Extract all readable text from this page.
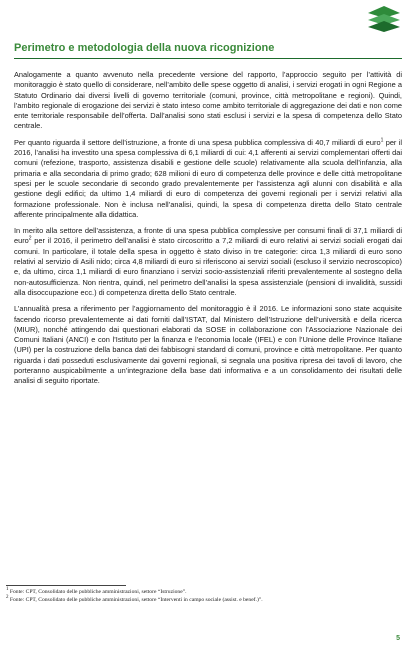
Perimetro e metodologia della nuova ricognizione

Analogamente a quanto avvenuto nella precedente versione del rapporto, l’approccio seguito per l’attività di monitoraggio è stato quello di considerare, nell’ambito delle spese oggetto di analisi, i servizi erogati in ogni Regione a Statuto Ordinario dai diversi livelli di governo territoriale (comuni, province, città metropolitane e regioni). Quindi, l’ambito regionale di erogazione dei servizi è stato inteso come ambito territoriale di aggregazione dei dati e non come ente territoriale responsabile dell’offerta. Dall’analisi sono stati esclusi i servizi e la spesa di competenza dello Stato centrale.

Per quanto riguarda il settore dell’istruzione, a fronte di una spesa pubblica complessiva di 40,7 miliardi di euro$^1$ per il 2016, l’analisi ha investito una spesa complessiva di 6,1 miliardi di cui: 4,1 afferenti ai servizi complementari offerti dai comuni (refezione, trasporto, assistenza disabili e gestione delle scuole) relativamente alla scuola dell’infanzia, alla primaria e alla secondaria di primo grado; 628 milioni di euro di competenza delle province e delle città metropolitane spesi per le scuole secondarie di secondo grado prevalentemente per l’assistenza agli alunni con disabilità e alla gestione degli edifici; da ultimo 1,4 miliardi di euro di competenza dei governi regionali per i servizi relativi alla formazione professionale. Non è inclusa nell’analisi, quindi, la spesa di competenza diretta dello Stato centrale afferente principalmente alla didattica.

In merito alla settore dell’assistenza, a fronte di una spesa pubblica complessive per consumi finali di 37,1 miliardi di euro$^2$ per il 2016, il perimetro dell’analisi è stato circoscritto a 7,2 miliardi di euro relativi ai servizi sociali erogati dai comuni. In particolare, il totale della spesa in oggetto è stato diviso in tre categorie: circa 1,3 miliardi di euro sono relativi al servizio di Asili nido; circa 4,8 miliardi di euro si riferiscono ai servizi sociali (escluso il servizio necroscopico) e, da ultimo, circa 1,1 miliardi di euro finanziano i servizi socio-assistenziali riferiti prevalentemente al sostegno della non-autosufficienza. Non rientra, quindi, nel perimetro dell’analisi la spesa assistenziale (pensioni di invalidità, sussidi alla disoccupazione ecc.) di competenza diretta dello Stato centrale.

L’annualità presa a riferimento per l’aggiornamento del monitoraggio è il 2016. Le informazioni sono state acquisite facendo ricorso prevalentemente ai dati forniti dall’ISTAT, dal Ministero dell’Istruzione dell’università e della ricerca (MIUR), nonché attingendo dai questionari elaborati da SOSE in collaborazione con l’Associazione Nazionale dei Comuni Italiani (ANCI) e con l’Istituto per la finanza e l’economia locale (IFEL) e con l’Unione delle Province Italiane (UPI) per la costruzione della banca dati dei fabbisogni standard di comuni, province e città metropolitane. Per quanto riguarda i dati posseduti esclusivamente dai governi regionali, si segnala una positiva ripresa dei tavoli di lavoro, che porteranno auspicabilmente a un’integrazione della base dati informativa e a un consolidamento dei risultati delle analisi di seguito riportate.

$^1$ Fonte: CPT, Consolidato delle pubbliche amministrazioni, settore “Istruzione”.

$^2$ Fonte: CPT, Consolidato delle pubbliche amministrazioni, settore “Interventi in campo sociale (assist. e benef.)”.

5
